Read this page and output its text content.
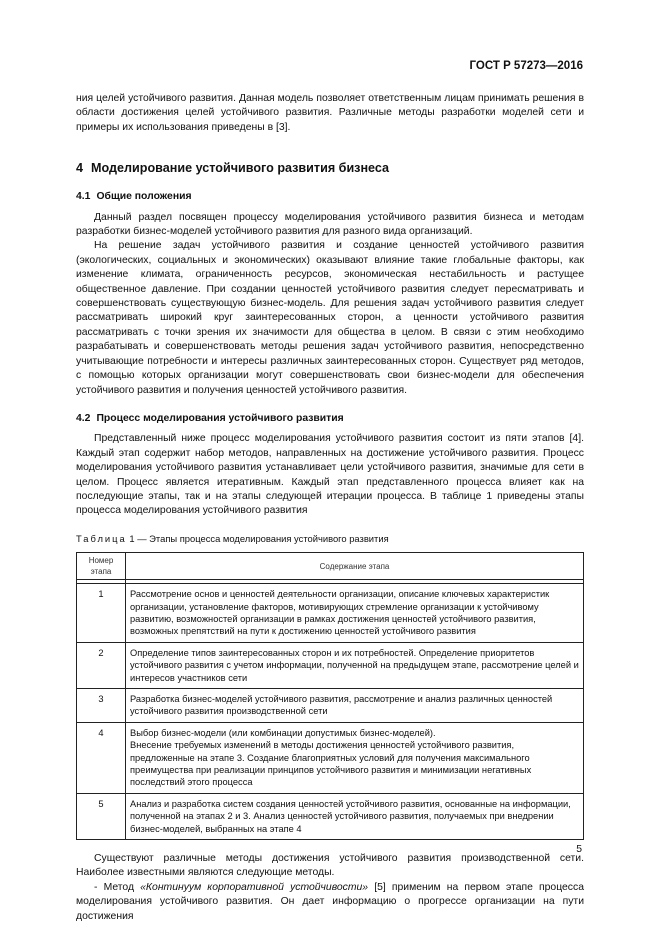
ГОСТ Р 57273—2016

ния целей устойчивого развития. Данная модель позволяет ответственным лицам принимать решения в области достижения целей устойчивого развития. Различные методы разработки моделей сети и примеры их использования приведены в [3].

4 Моделирование устойчивого развития бизнеса
4.1 Общие положения

Данный раздел посвящен процессу моделирования устойчивого развития бизнеса и методам разработки бизнес-моделей устойчивого развития для разного вида организаций.

На решение задач устойчивого развития и создание ценностей устойчивого развития (экологических, социальных и экономических) оказывают влияние такие глобальные факторы, как изменение климата, ограниченность ресурсов, экономическая нестабильность и растущее общественное давление. При создании ценностей устойчивого развития следует пересматривать и совершенствовать существующую бизнес-модель. Для решения задач устойчивого развития следует рассматривать широкий круг заинтересованных сторон, а ценности устойчивого развития рассматривать с точки зрения их значимости для общества в целом. В связи с этим необходимо разрабатывать и совершенствовать методы решения задач устойчивого развития, непосредственно учитывающие потребности и интересы различных заинтересованных сторон. Существует ряд методов, с помощью которых организации могут совершенствовать свои бизнес-модели для обеспечения устойчивого развития и получения ценностей устойчивого развития.

4.2 Процесс моделирования устойчивого развития

Представленный ниже процесс моделирования устойчивого развития состоит из пяти этапов [4]. Каждый этап содержит набор методов, направленных на достижение устойчивого развития. Процесс моделирования устойчивого развития устанавливает цели устойчивого развития, значимые для сети в целом. Процесс является итеративным. Каждый этап представленного процесса влияет как на последующие этапы, так и на этапы следующей итерации процесса. В таблице 1 приведены этапы процесса моделирования устойчивого развития

Таблица 1 — Этапы процесса моделирования устойчивого развития
Номер
этапа	Содержание этапа

1	Рассмотрение основ и ценностей деятельности организации, описание ключевых характеристик организации, установление факторов, мотивирующих стремление организации к устойчивому развитию, возможностей организации в рамках достижения ценностей устойчивого развития, возможных препятствий на пути к достижению ценностей устойчивого развития
2	Определение типов заинтересованных сторон и их потребностей. Определение приоритетов устойчивого развития с учетом информации, полученной на предыдущем этапе, рассмотрение целей и интересов участников сети
3	Разработка бизнес-моделей устойчивого развития, рассмотрение и анализ различных ценностей устойчивого развития производственной сети
4	Выбор бизнес-модели (или комбинации допустимых бизнес-моделей).
Внесение требуемых изменений в методы достижения ценностей устойчивого развития, предложенные на этапе 3. Создание благоприятных условий для получения максимального преимущества при реализации принципов устойчивого развития и минимизации негативных последствий этого процесса

5	Анализ и разработка систем создания ценностей устойчивого развития, основанные на информации, полученной на этапах 2 и 3. Анализ ценностей устойчивого развития, получаемых при внедрении бизнес-моделей, выбранных на этапе 4

Существуют различные методы достижения устойчивого развития производственной сети. Наиболее известными являются следующие методы.

- Метод «Континуум корпоративной устойчивости» [5] применим на первом этапе процесса моделирования устойчивого развития. Он дает информацию о прогрессе организации на пути достижения

5
